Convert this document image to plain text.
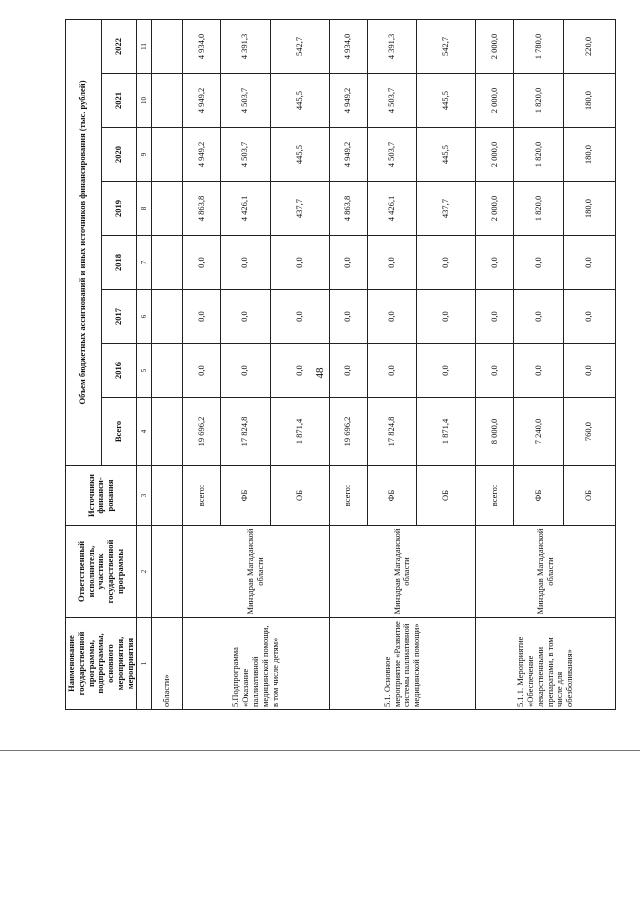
48
Наименование государственной программы, подпрограммы, основного мероприятия, мероприятия	Ответственный исполнитель, участник государственной программы	Источники финанси-рования	Объем бюджетных ассигнований и иных источников финансирования (тыс. рублей)							
			Всего	2016	2017	2018	2019	2020	2021	2022
1	2	3	4	5	6	7	8	9	10	11
области»										
5.Подпрограмма «Оказание паллиативной медицинской помощи, в том числе детям»	Минздрав Магаданской области	всего:	19 696,2	0,0	0,0	0,0	4 863,8	4 949,2	4 949,2	4 934,0
		ФБ	17 824,8	0,0	0,0	0,0	4 426,1	4 503,7	4 503,7	4 391,3
		ОБ	1 871,4	0,0	0,0	0,0	437,7	445,5	445,5	542,7
5.1. Основное мероприятие «Развитие системы паллиативной медицинской помощи»	Минздрав Магаданской области	всего:	19 696,2	0,0	0,0	0,0	4 863,8	4 949,2	4 949,2	4 934,0
		ФБ	17 824,8	0,0	0,0	0,0	4 426,1	4 503,7	4 503,7	4 391,3
		ОБ	1 871,4	0,0	0,0	0,0	437,7	445,5	445,5	542,7
5.1.1. Мероприятие «Обеспечение лекарственными препаратами, в том числе для обезболивания»	Минздрав Магаданской области	всего:	8 000,0	0,0	0,0	0,0	2 000,0	2 000,0	2 000,0	2 000,0
		ФБ	7 240,0	0,0	0,0	0,0	1 820,0	1 820,0	1 820,0	1 780,0
		ОБ	760,0	0,0	0,0	0,0	180,0	180,0	180,0	220,0
